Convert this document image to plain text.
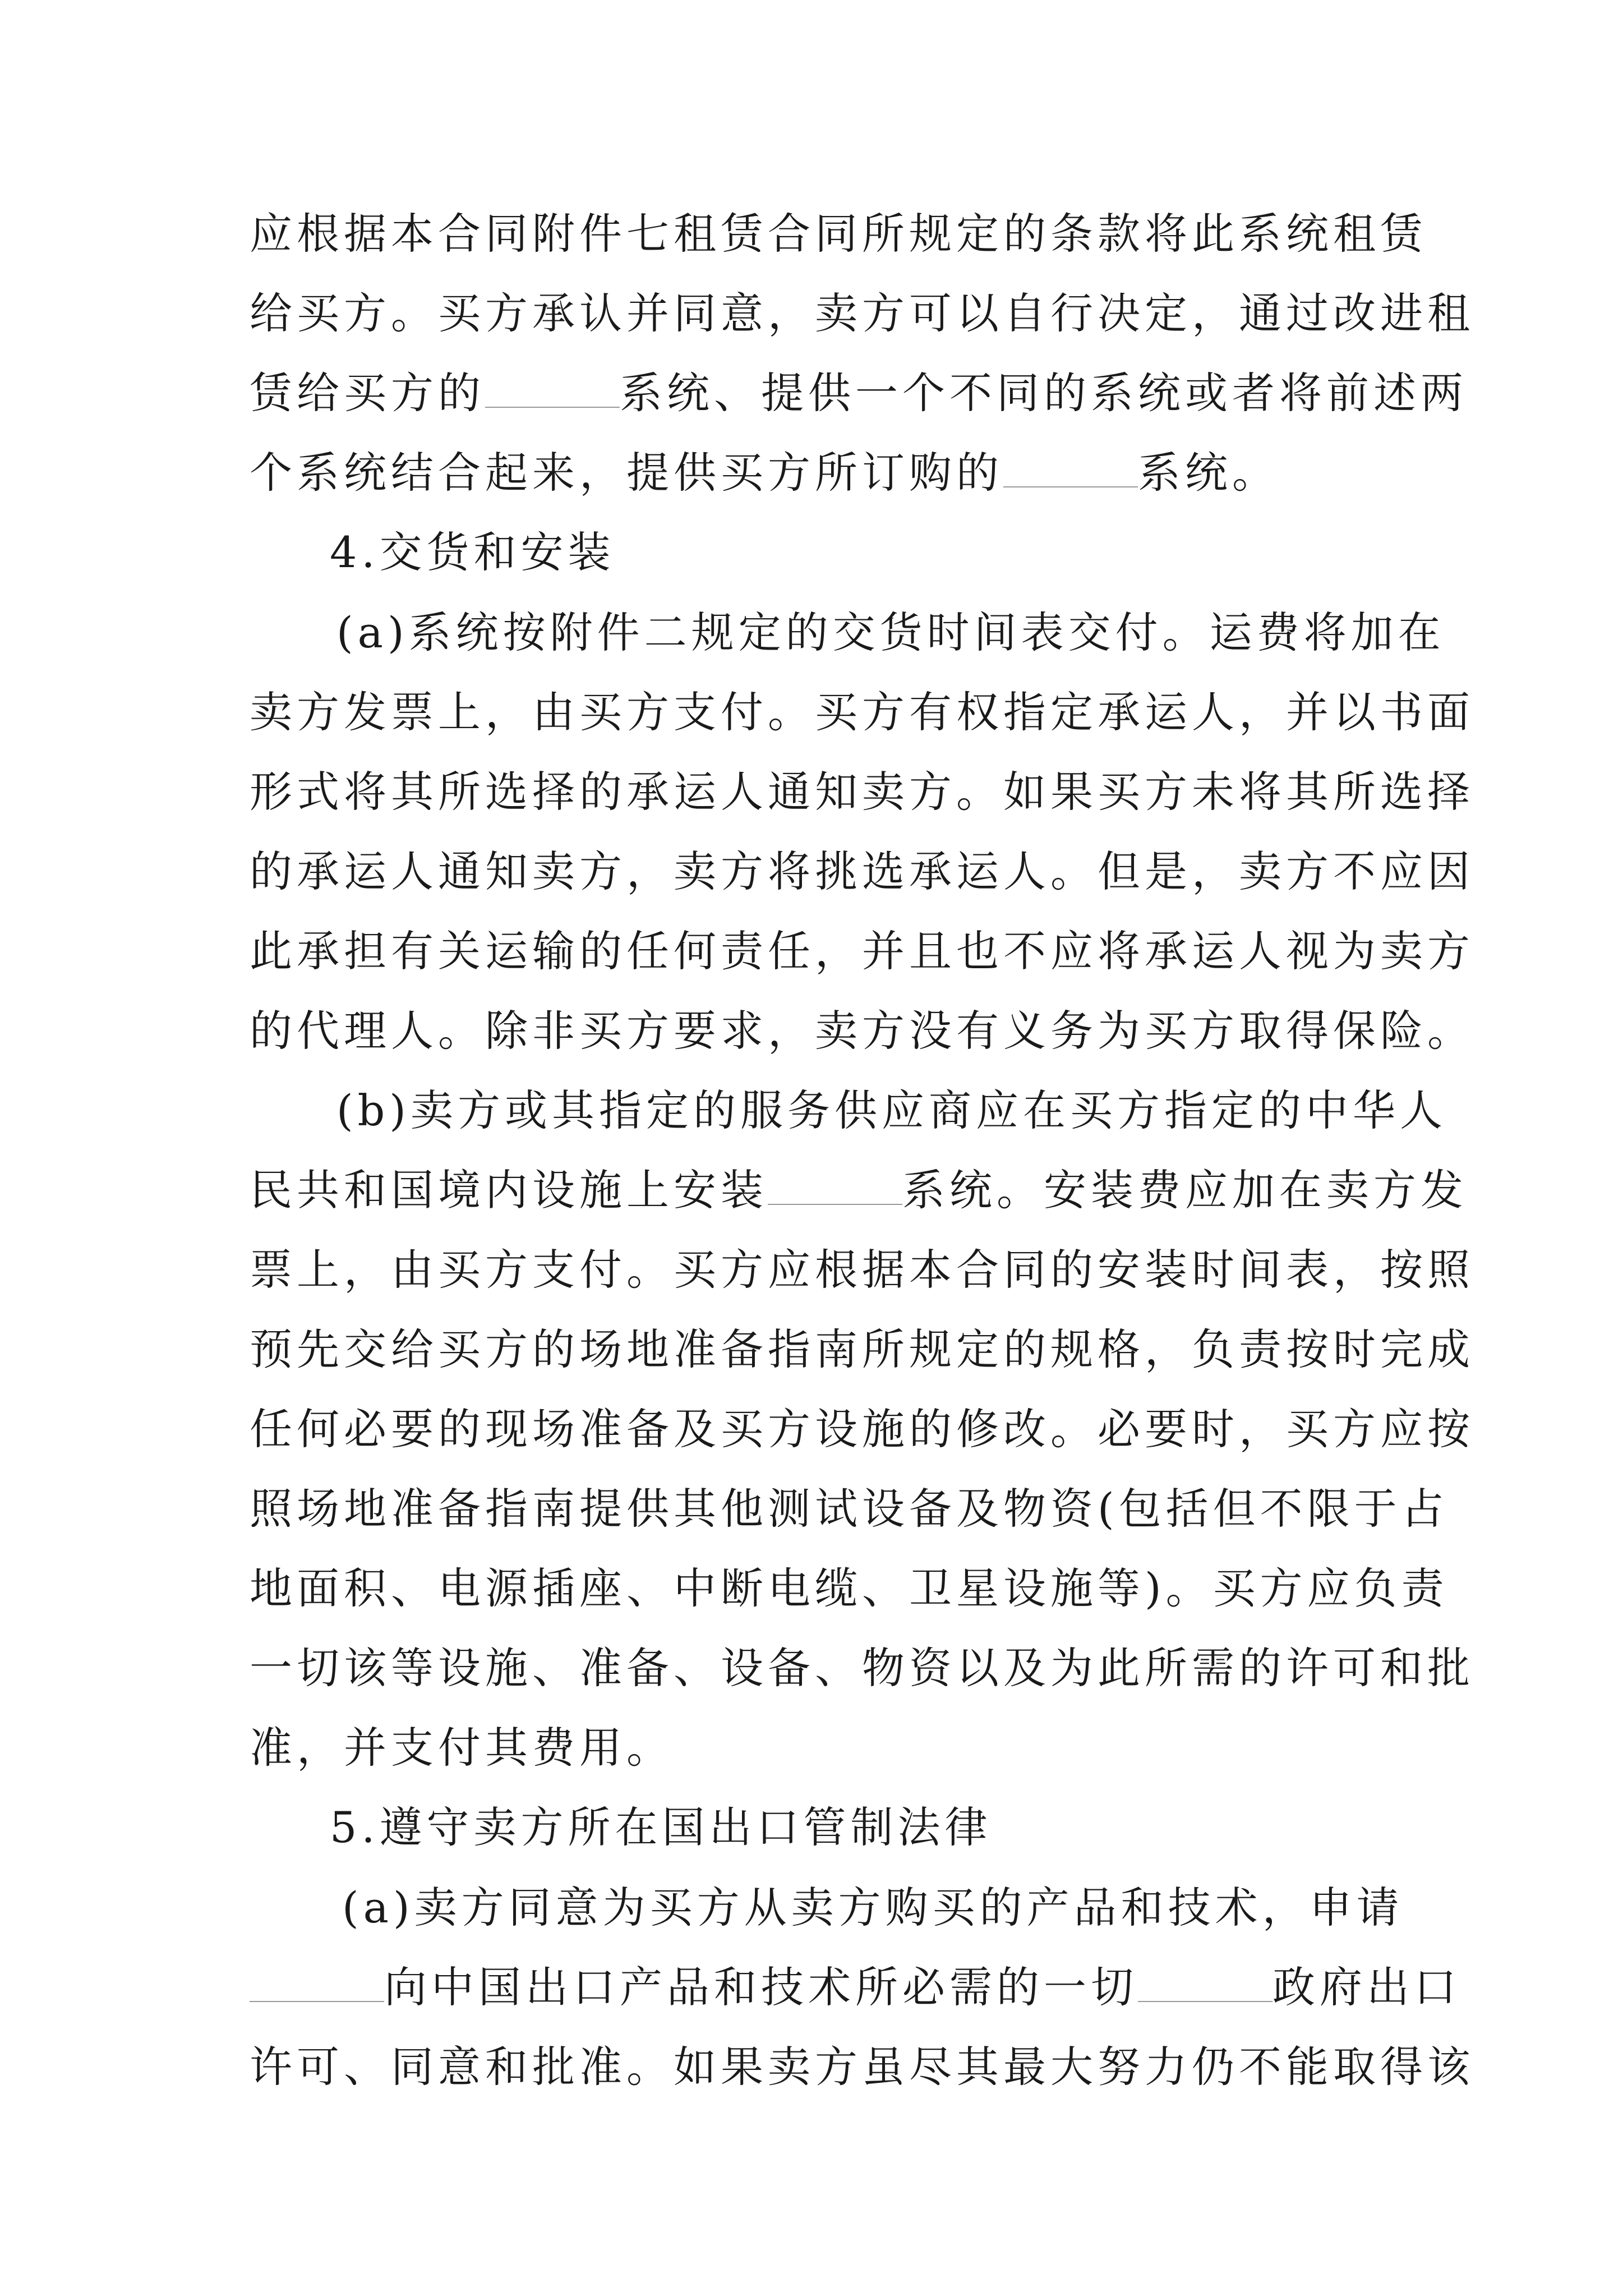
应根据本合同附件七租赁合同所规定的条款将此系统租赁
给买方。买方承认并同意，卖方可以自行决定，通过改进租
赁给买方的	系统、提供一个不同的系统或者将前述两
个系统结合起来，提供买方所订购的	系统。
4.交货和安装
(a)系统按附件二规定的交货时间表交付。运费将加在
卖方发票上，由买方支付。买方有权指定承运人，并以书面
形式将其所选择的承运人通知卖方。如果买方未将其所选择
的承运人通知卖方，卖方将挑选承运人。但是，卖方不应因
此承担有关运输的任何责任，并且也不应将承运人视为卖方
的代理人。除非买方要求，卖方没有义务为买方取得保险。
(b)卖方或其指定的服务供应商应在买方指定的中华人
民共和国境内设施上安装	系统。安装费应加在卖方发
票上，由买方支付。买方应根据本合同的安装时间表，按照
预先交给买方的场地准备指南所规定的规格，负责按时完成
任何必要的现场准备及买方设施的修改。必要时，买方应按
照场地准备指南提供其他测试设备及物资(包括但不限于占
地面积、电源插座、中断电缆、卫星设施等)。买方应负责
一切该等设施、准备、设备、物资以及为此所需的许可和批
准，并支付其费用。
5.遵守卖方所在国出口管制法律
(a)卖方同意为买方从卖方购买的产品和技术，申请
向中国出口产品和技术所必需的一切	政府出口
许可、同意和批准。如果卖方虽尽其最大努力仍不能取得该
